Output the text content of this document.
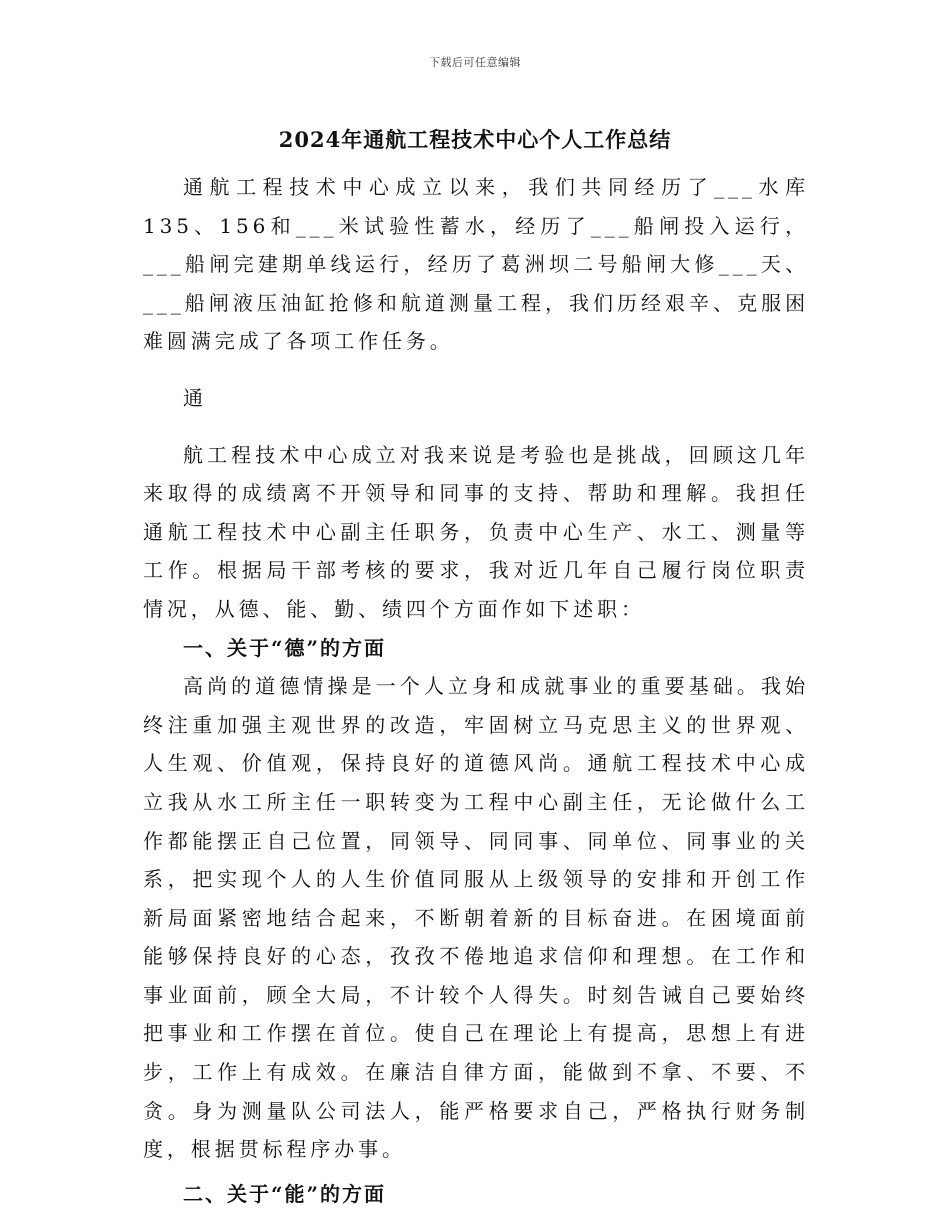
下载后可任意编辑
2024年通航工程技术中心个人工作总结

通航工程技术中心成立以来，我们共同经历了___水库135、156和___米试验性蓄水，经历了___船闸投入运行，___船闸完建期单线运行，经历了葛洲坝二号船闸大修___天、___船闸液压油缸抢修和航道测量工程，我们历经艰辛、克服困难圆满完成了各项工作任务。

通

航工程技术中心成立对我来说是考验也是挑战，回顾这几年来取得的成绩离不开领导和同事的支持、帮助和理解。我担任通航工程技术中心副主任职务，负责中心生产、水工、测量等工作。根据局干部考核的要求，我对近几年自己履行岗位职责情况，从德、能、勤、绩四个方面作如下述职：

一、关于“德”的方面

高尚的道德情操是一个人立身和成就事业的重要基础。我始终注重加强主观世界的改造，牢固树立马克思主义的世界观、人生观、价值观，保持良好的道德风尚。通航工程技术中心成立我从水工所主任一职转变为工程中心副主任，无论做什么工作都能摆正自己位置，同领导、同同事、同单位、同事业的关系，把实现个人的人生价值同服从上级领导的安排和开创工作新局面紧密地结合起来，不断朝着新的目标奋进。在困境面前能够保持良好的心态，孜孜不倦地追求信仰和理想。在工作和事业面前，顾全大局，不计较个人得失。时刻告诫自己要始终把事业和工作摆在首位。使自己在理论上有提高，思想上有进步，工作上有成效。在廉洁自律方面，能做到不拿、不要、不贪。身为测量队公司法人，能严格要求自己，严格执行财务制度，根据贯标程序办事。

二、关于“能”的方面
